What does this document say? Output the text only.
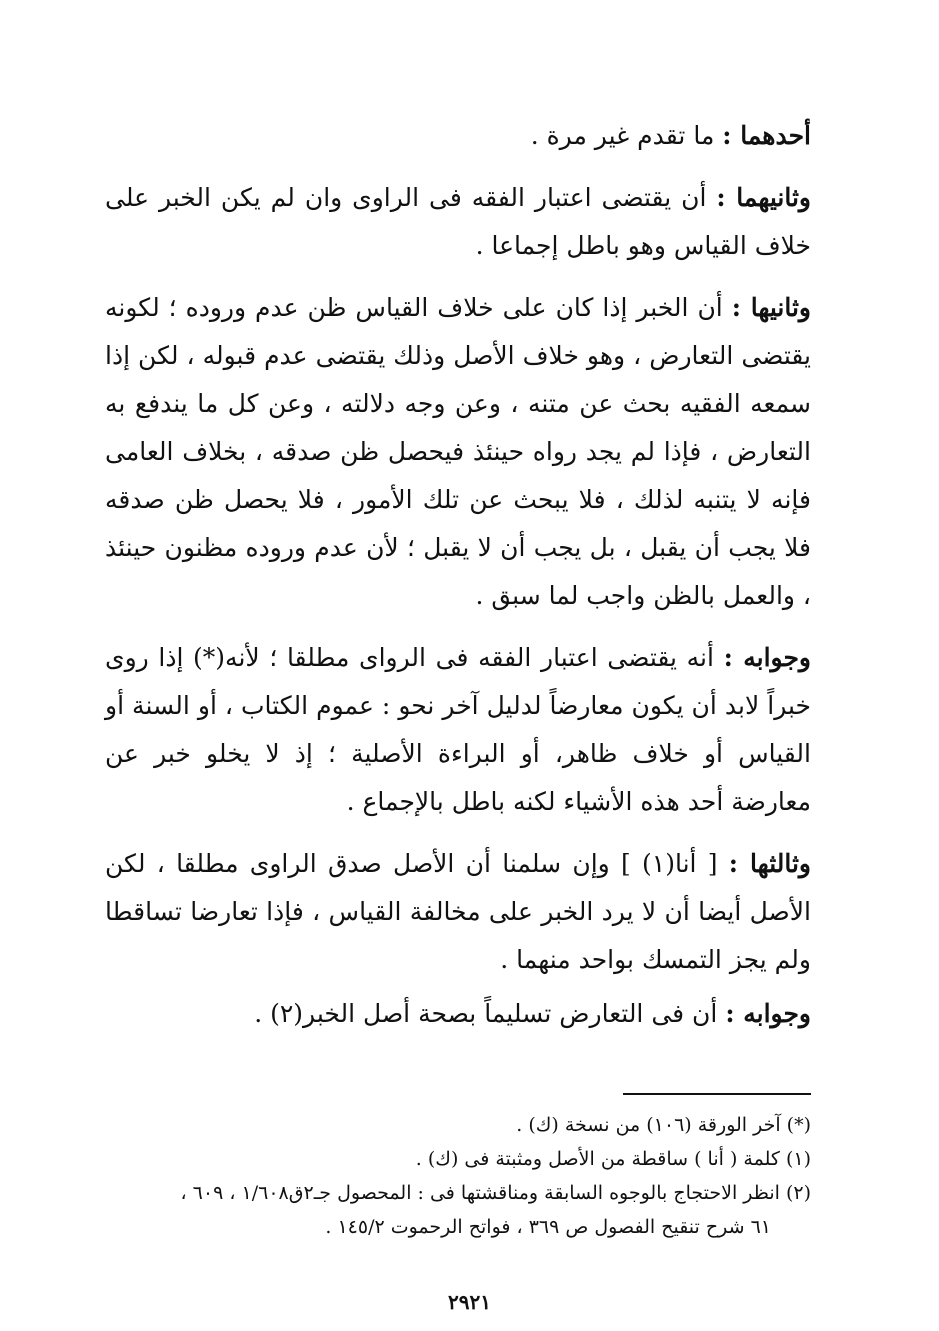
أحدهما : ما تقدم غير مرة .

وثانيهما : أن يقتضى اعتبار الفقه فى الراوى وان لم يكن الخبر على خلاف القياس وهو باطل إجماعا .

وثانيها : أن الخبر إذا كان على خلاف القياس ظن عدم وروده ؛ لكونه يقتضى التعارض ، وهو خلاف الأصل وذلك يقتضى عدم قبوله ، لكن إذا سمعه الفقيه بحث عن متنه ، وعن وجه دلالته ، وعن كل ما يندفع به التعارض ، فإذا لم يجد رواه حينئذ فيحصل ظن صدقه ، بخلاف العامى فإنه لا يتنبه لذلك ، فلا يبحث عن تلك الأمور ، فلا يحصل ظن صدقه فلا يجب أن يقبل ، بل يجب أن لا يقبل ؛ لأن عدم وروده مظنون حينئذ ، والعمل بالظن واجب لما سبق .

وجوابه : أنه يقتضى اعتبار الفقه فى الرواى مطلقا ؛ لأنه(*) إذا روى خبراً لابد أن يكون معارضاً لدليل آخر نحو : عموم الكتاب ، أو السنة أو القياس أو خلاف ظاهر، أو البراءة الأصلية ؛ إذ لا يخلو خبر عن معارضة أحد هذه الأشياء لكنه باطل بالإجماع .

وثالثها : [ أنا(١) ] وإن سلمنا أن الأصل صدق الراوى مطلقا ، لكن الأصل أيضا أن لا يرد الخبر على مخالفة القياس ، فإذا تعارضا تساقطا ولم يجز التمسك بواحد منهما .

وجوابه : أن فى التعارض تسليماً بصحة أصل الخبر(٢) .

(*) آخر الورقة (١٠٦) من نسخة (ك) .

(١) كلمة ( أنا ) ساقطة من الأصل ومثبتة فى (ك) .

(٢) انظر الاحتجاج بالوجوه السابقة ومناقشتها فى : المحصول جـ٢ق١/٦٠٨ ، ٦٠٩ ،

٦١ شرح تنقيح الفصول ص ٣٦٩ ، فواتح الرحموت ١٤٥/٢ .

٢٩٢١
